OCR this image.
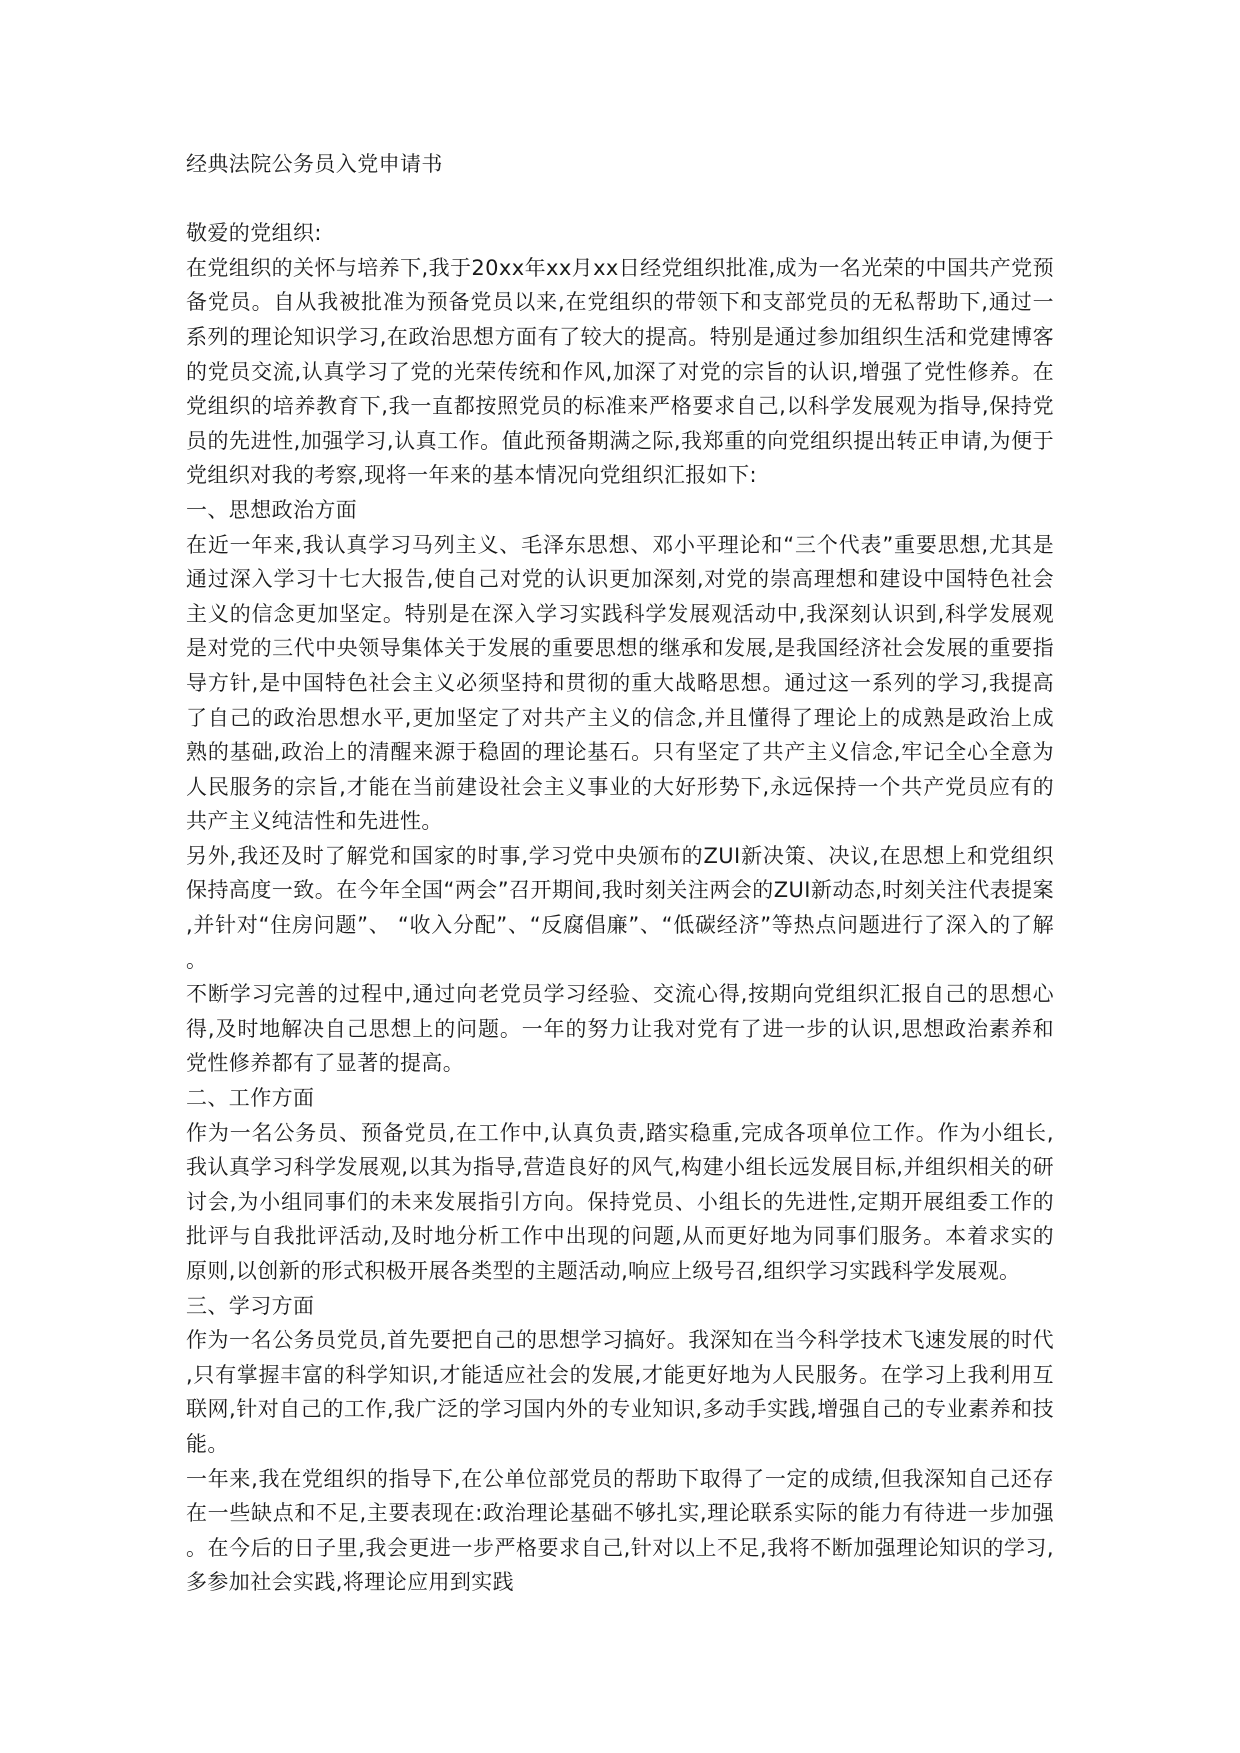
经典法院公务员入党申请书

敬爱的党组织:

在党组织的关怀与培养下,我于20xx年xx月xx日经党组织批准,成为一名光荣的中国共产党预备党员。自从我被批准为预备党员以来,在党组织的带领下和支部党员的无私帮助下,通过一系列的理论知识学习,在政治思想方面有了较大的提高。特别是通过参加组织生活和党建博客的党员交流,认真学习了党的光荣传统和作风,加深了对党的宗旨的认识,增强了党性修养。在党组织的培养教育下,我一直都按照党员的标准来严格要求自己,以科学发展观为指导,保持党员的先进性,加强学习,认真工作。值此预备期满之际,我郑重的向党组织提出转正申请,为便于党组织对我的考察,现将一年来的基本情况向党组织汇报如下:

一、思想政治方面

在近一年来,我认真学习马列主义、毛泽东思想、邓小平理论和“三个代表”重要思想,尤其是通过深入学习十七大报告,使自己对党的认识更加深刻,对党的崇高理想和建设中国特色社会主义的信念更加坚定。特别是在深入学习实践科学发展观活动中,我深刻认识到,科学发展观是对党的三代中央领导集体关于发展的重要思想的继承和发展,是我国经济社会发展的重要指导方针,是中国特色社会主义必须坚持和贯彻的重大战略思想。通过这一系列的学习,我提高了自己的政治思想水平,更加坚定了对共产主义的信念,并且懂得了理论上的成熟是政治上成熟的基础,政治上的清醒来源于稳固的理论基石。只有坚定了共产主义信念,牢记全心全意为人民服务的宗旨,才能在当前建设社会主义事业的大好形势下,永远保持一个共产党员应有的共产主义纯洁性和先进性。

另外,我还及时了解党和国家的时事,学习党中央颁布的ZUI新决策、决议,在思想上和党组织保持高度一致。在今年全国“两会”召开期间,我时刻关注两会的ZUI新动态,时刻关注代表提案,并针对“住房问题”、 “收入分配”、“反腐倡廉”、“低碳经济”等热点问题进行了深入的了解。

不断学习完善的过程中,通过向老党员学习经验、交流心得,按期向党组织汇报自己的思想心得,及时地解决自己思想上的问题。一年的努力让我对党有了进一步的认识,思想政治素养和党性修养都有了显著的提高。

二、工作方面

作为一名公务员、预备党员,在工作中,认真负责,踏实稳重,完成各项单位工作。作为小组长,我认真学习科学发展观,以其为指导,营造良好的风气,构建小组长远发展目标,并组织相关的研讨会,为小组同事们的未来发展指引方向。保持党员、小组长的先进性,定期开展组委工作的批评与自我批评活动,及时地分析工作中出现的问题,从而更好地为同事们服务。本着求实的原则,以创新的形式积极开展各类型的主题活动,响应上级号召,组织学习实践科学发展观。

三、学习方面

作为一名公务员党员,首先要把自己的思想学习搞好。我深知在当今科学技术飞速发展的时代,只有掌握丰富的科学知识,才能适应社会的发展,才能更好地为人民服务。在学习上我利用互联网,针对自己的工作,我广泛的学习国内外的专业知识,多动手实践,增强自己的专业素养和技能。

一年来,我在党组织的指导下,在公单位部党员的帮助下取得了一定的成绩,但我深知自己还存在一些缺点和不足,主要表现在:政治理论基础不够扎实,理论联系实际的能力有待进一步加强。在今后的日子里,我会更进一步严格要求自己,针对以上不足,我将不断加强理论知识的学习,多参加社会实践,将理论应用到实践
